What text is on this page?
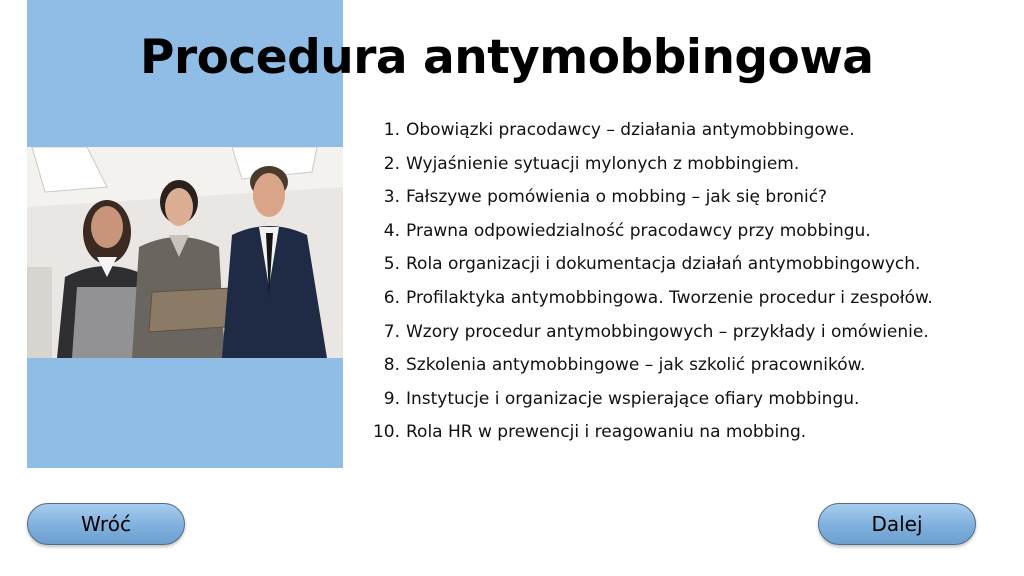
Procedura antymobbingowa
1. Obowiązki pracodawcy – działania antymobbingowe.
2. Wyjaśnienie sytuacji mylonych z mobbingiem.
3. Fałszywe pomówienia o mobbing – jak się bronić?
4. Prawna odpowiedzialność pracodawcy przy mobbingu.
5. Rola organizacji i dokumentacja działań antymobbingowych.
6. Profilaktyka antymobbingowa. Tworzenie procedur i zespołów.
7. Wzory procedur antymobbingowych – przykłady i omówienie.
8. Szkolenia antymobbingowe – jak szkolić pracowników.
9. Instytucje i organizacje wspierające ofiary mobbingu.
10. Rola HR w prewencji i reagowaniu na mobbing.
Wróć	Dalej
